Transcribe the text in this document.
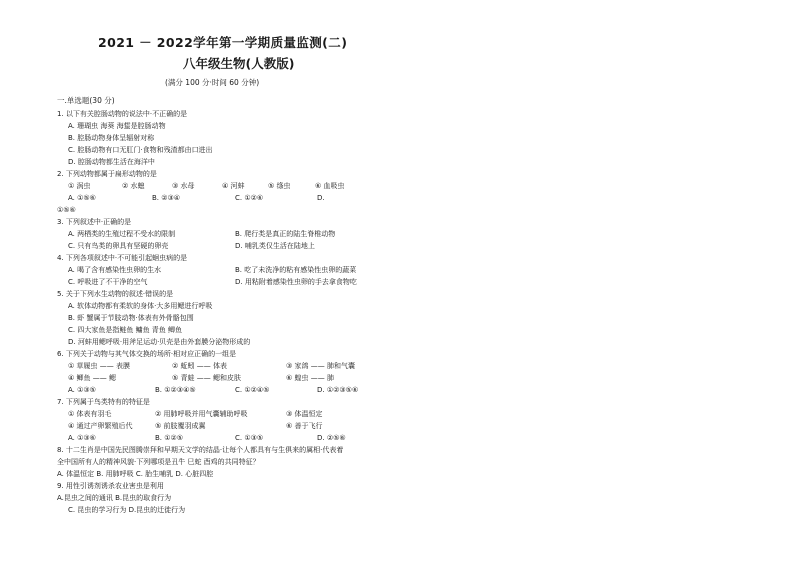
2021 － 2022学年第一学期质量监测(二)
八年级生物(人教版)
(满分 100 分·时间 60 分钟)
一.单选题(30 分)
1. 以下有关腔肠动物的说法中·不正确的是
A. 珊瑚虫 海葵 海蜇是腔肠动物
B. 腔肠动物身体呈辐射对称
C. 腔肠动物有口无肛门·食物和残渣都由口进出
D. 腔肠动物都生活在海洋中
2. 下列动物都属于扁形动物的是
① 涡虫	② 水螅	③ 水母	④ 河蚌	⑤ 绦虫	⑥ 血吸虫
A. ①⑤⑥	B. ②③④	C. ①②⑥	D.
①⑤⑥
3. 下列叙述中·正确的是
A. 两栖类的生殖过程不受水的限制	B. 爬行类是真正的陆生脊椎动物
C. 只有鸟类的卵具有坚硬的卵壳	D. 哺乳类仅生活在陆地上
4. 下列各项叙述中·不可能引起蛔虫病的是
A. 喝了含有感染性虫卵的生水	B. 吃了未洗净的粘有感染性虫卵的蔬菜
C. 呼吸进了不干净的空气	D. 用粘附着感染性虫卵的手去拿食物吃
5. 关于下列水生动物的叙述·错误的是
A. 软体动物都有柔软的身体·大多用鳃进行呼吸
B. 虾 蟹属于节肢动物·体表有外骨骼包围
C. 四大家鱼是指鲢鱼 鳙鱼 青鱼 鲫鱼
D. 河蚌用鳃呼吸·用斧足运动·贝壳是由外套膜分泌物形成的
6. 下列关于动物与其气体交换的场所·相对应正确的一组是
① 草履虫 —— 表膜	② 蚯蚓 —— 体表	③ 家鸽 —— 肺和气囊
④ 鲫鱼 —— 鳃	⑤ 青蛙 —— 鳃和皮肤	⑥ 蝗虫 —— 肺
A. ①③⑤	B. ①②③④⑤	C. ①②④⑤	D. ①②③⑤⑥
7. 下列属于鸟类特有的特征是
① 体表有羽毛	② 用肺呼吸并用气囊辅助呼吸	③ 体温恒定
④ 通过产卵繁殖后代	⑤ 前肢覆羽成翼	⑥ 善于飞行
A. ①③⑥	B. ①②⑤	C. ①③⑤	D. ②⑤⑥
8. 十二生肖是中国先民图腾崇拜和早期天文学的结晶·让每个人都具有与生俱来的属相·代表着
全中国所有人的精神风貌·下列哪项是丑牛 巳蛇 酉鸡的共同特征？
A. 体温恒定 B. 用肺呼吸 C. 胎生哺乳 D. 心脏四腔
9. 用性引诱剂诱杀农业害虫是利用
A.昆虫之间的通讯 B.昆虫的取食行为
C. 昆虫的学习行为 D.昆虫的迁徙行为
